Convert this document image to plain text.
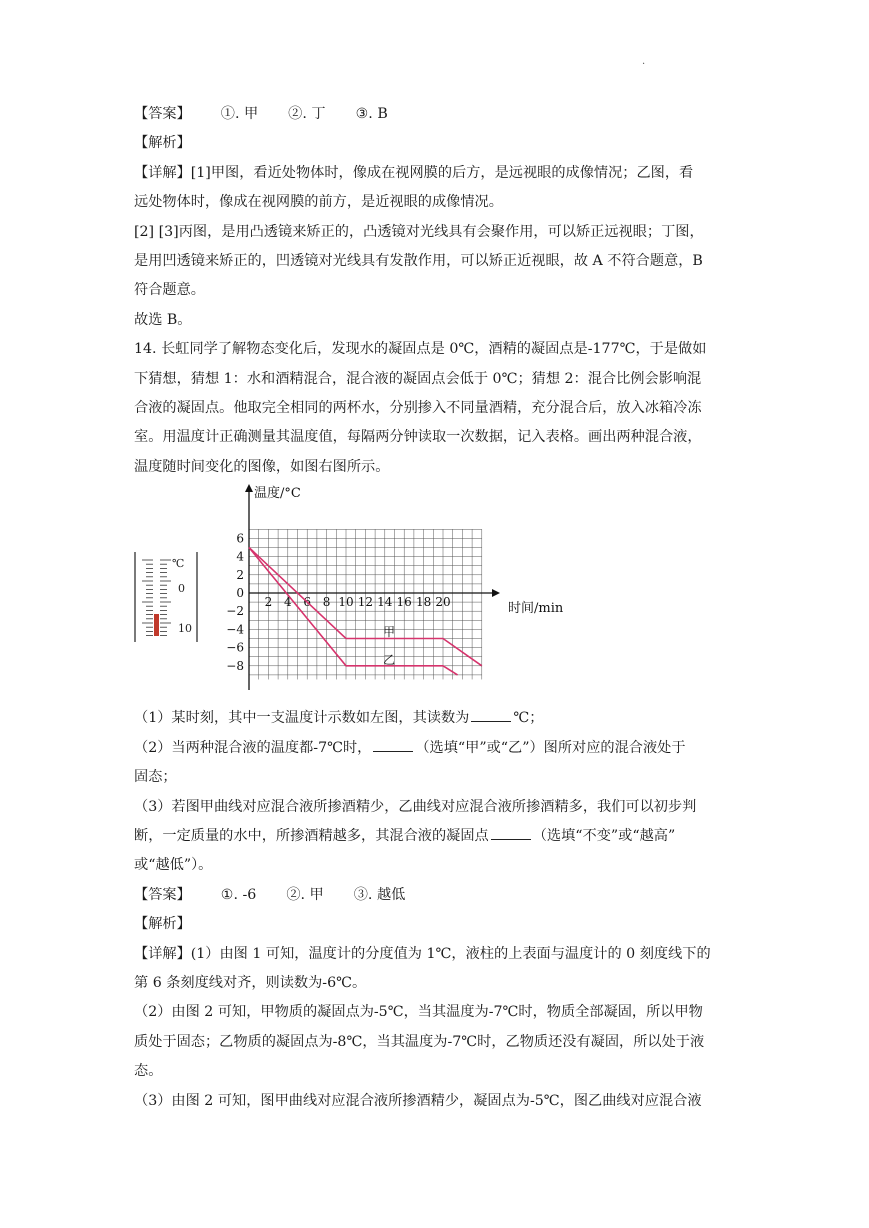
.
【答案】 ①. 甲 ②. 丁 ③. B
【解析】
【详解】[1]甲图，看近处物体时，像成在视网膜的后方，是远视眼的成像情况；乙图，看
远处物体时，像成在视网膜的前方，是近视眼的成像情况。
[2] [3]丙图，是用凸透镜来矫正的，凸透镜对光线具有会聚作用，可以矫正远视眼；丁图，
是用凹透镜来矫正的，凹透镜对光线具有发散作用，可以矫正近视眼，故 A 不符合题意，B
符合题意。
故选 B。
14. 长虹同学了解物态变化后，发现水的凝固点是 0℃，酒精的凝固点是-177℃，于是做如
下猜想，猜想 1：水和酒精混合，混合液的凝固点会低于 0℃；猜想 2：混合比例会影响混
合液的凝固点。他取完全相同的两杯水，分别掺入不同量酒精，充分混合后，放入冰箱冷冻
室。用温度计正确测量其温度值，每隔两分钟读取一次数据，记入表格。画出两种混合液，
温度随时间变化的图像，如图右图所示。
℃
0
10
温度/°C
时间/min
6
4
2
0
−2
−4
−6
−8
2 4 6 8 10 12 14 16 18 20
甲
乙
（1）某时刻，其中一支温度计示数如左图，其读数为	℃；
（2）当两种混合液的温度都-7℃时，	（选填“甲”或“乙”）图所对应的混合液处于
固态；
（3）若图甲曲线对应混合液所掺酒精少，乙曲线对应混合液所掺酒精多，我们可以初步判
断，一定质量的水中，所掺酒精越多，其混合液的凝固点	（选填“不变”或“越高”
或“越低”）。
【答案】 ①. -6 ②. 甲 ③. 越低
【解析】
【详解】(1）由图 1 可知，温度计的分度值为 1℃，液柱的上表面与温度计的 0 刻度线下的
第 6 条刻度线对齐，则读数为-6℃。
（2）由图 2 可知，甲物质的凝固点为-5℃，当其温度为-7℃时，物质全部凝固，所以甲物
质处于固态；乙物质的凝固点为-8℃，当其温度为-7℃时，乙物质还没有凝固，所以处于液
态。
（3）由图 2 可知，图甲曲线对应混合液所掺酒精少，凝固点为-5℃，图乙曲线对应混合液
